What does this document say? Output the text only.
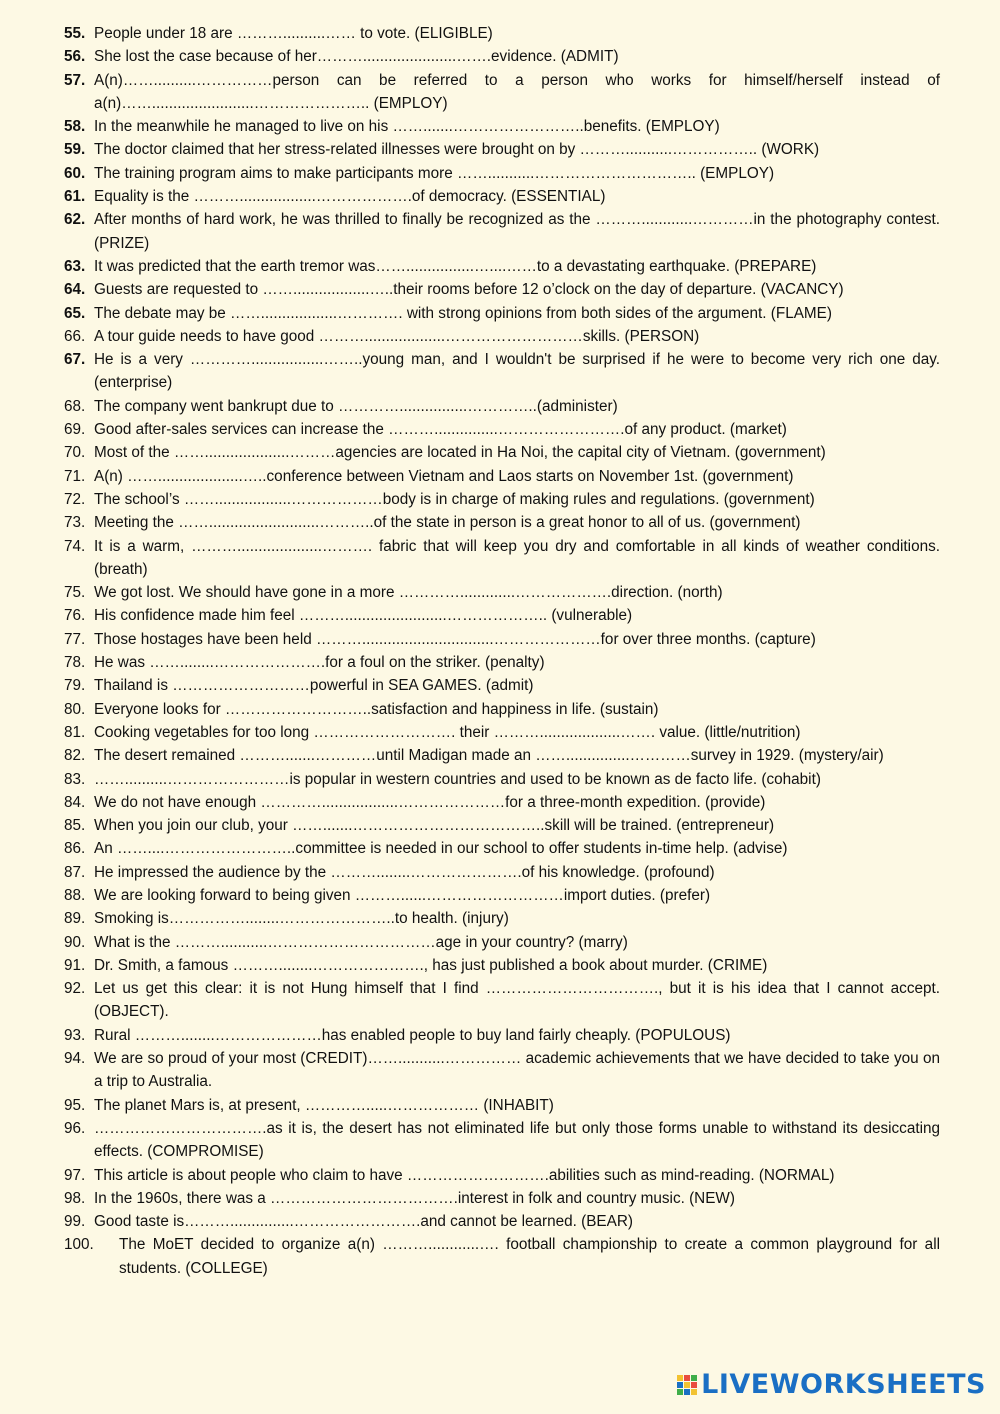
55. People under 18 are ………..........…… to vote. (ELIGIBLE)
56. She lost the case because of her………......................…….evidence. (ADMIT)
57. A(n)……..........……………person can be referred to a person who works for himself/herself instead of a(n)……........................………………….. (EMPLOY)
58. In the meanwhile he managed to live on his …….......……………………..benefits. (EMPLOY)
59. The doctor claimed that her stress-related illnesses were brought on by ………...........…………….. (WORK)
60. The training program aims to make participants more ……...........………………………….. (EMPLOY)
61. Equality is the ………..................……………….of democracy. (ESSENTIAL)
62. After months of hard work, he was thrilled to finally be recognized as the ………............…………in the photography contest. (PRIZE)
63. It was predicted that the earth tremor was……................…....……to a devastating earthquake. (PREPARE)
64. Guests are requested to ……..................…..their rooms before 12 o’clock on the day of departure. (VACANCY)
65. The debate may be ……..................…………. with strong opinions from both sides of the argument. (FLAME)
66. A tour guide needs to have good ………...................………………………skills. (PERSON)
67. He is a very ………….................……..young man, and I wouldn't be surprised if he were to become very rich one day. (enterprise)
68. The company went bankrupt due to …………................…………..(administer)
69. Good after-sales services can increase the ………...............…………………….of any product. (market)
70. Most of the ……....................………agencies are located in Ha Noi, the capital city of Vietnam. (government)
71. A(n) ……....................…..conference between Vietnam and Laos starts on November 1st. (government)
72. The school’s ……..................………………body is in charge of making rules and regulations. (government)
73. Meeting the ……..........................………..of the state in person is a great honor to all of us. (government)
74. It is a warm, ………....................………. fabric that will keep you dry and comfortable in all kinds of weather conditions. (breath)
75. We got lost. We should have gone in a more ………….............……………….direction. (north)
76. His confidence made him feel ………........................……………….. (vulnerable)
77. Those hostages have been held ………...............................…………………for over three months. (capture)
78. He was ……........………………….for a foul on the striker. (penalty)
79. Thailand is ………………………powerful in SEA GAMES. (admit)
80. Everyone looks for ………………………..satisfaction and happiness in life. (sustain)
81. Cooking vegetables for too long ………………………. their ………...................……. value. (little/nutrition)
82. The desert remained ……….......…………until Madigan made an ……...............…………survey in 1929. (mystery/air)
83. ……..........……………………is popular in western countries and used to be known as de facto life. (cohabit)
84. We do not have enough …………..................…………………for a three-month expedition. (provide)
85. When you join our club, your …….......………………………………..skill will be trained. (entrepreneur)
86. An ……....……………………..committee is needed in our school to offer students in-time help. (advise)
87. He impressed the audience by the ………........………………….of his knowledge. (profound)
88. We are looking forward to being given ………......………………………import duties. (prefer)
89. Smoking is……………........…………………..to health. (injury)
90. What is the ………...........……………………………age in your country? (marry)
91. Dr. Smith, a famous ………........…………………., has just published a book about murder. (CRIME)
92. Let us get this clear: it is not Hung himself that I find ……………………………., but it is his idea that I cannot accept. (OBJECT).
93. Rural ………........…………………has enabled people to buy land fairly cheaply. (POPULOUS)
94. We are so proud of your most (CREDIT)……...........…………… academic achievements that we have decided to take you on a trip to Australia.
95. The planet Mars is, at present, ………….....……………… (INHABIT)
96. …………………………….as it is, the desert has not eliminated life but only those forms unable to withstand its desiccating effects. (COMPROMISE)
97. This article is about people who claim to have ……………………….abilities such as mind-reading. (NORMAL)
98. In the 1960s, there was a ……………………………….interest in folk and country music. (NEW)
99. Good taste is………...............…………………….and cannot be learned. (BEAR)
100.	The MoET decided to organize a(n) ………............…. football championship to create a common playground for all students. (COLLEGE)
LIVEWORKSHEETS
